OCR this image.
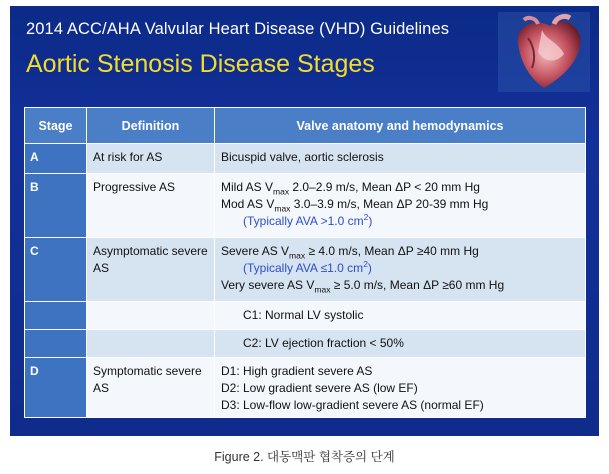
2014 ACC/AHA Valvular Heart Disease (VHD) Guidelines
Aortic Stenosis Disease Stages
Stage	Definition	Valve anatomy and hemodynamics
A	At risk for AS	Bicuspid valve, aortic sclerosis
B	Progressive AS	Mild AS $V_{max}$ 2.0–2.9 m/s, Mean ΔP < 20 mm Hg
Mod AS $V_{max}$ 3.0–3.9 m/s, Mean ΔP 20-39 mm Hg
(Typically AVA >1.0 $cm^2$)

C	Asymptomatic severe AS	Severe AS $V_{max} \ge 4.0$ m/s, Mean ΔP ≥40 mm Hg
(Typically AVA ≤1.0 $cm^2$)
Very severe AS $V_{max} \ge 5.0$ m/s, Mean ΔP ≥60 mm Hg

		C1: Normal LV systolic

		C2: LV ejection fraction < 50%

D	Symptomatic severe AS	D1: High gradient severe AS
D2: Low gradient severe AS (low EF)
D3: Low-flow low-gradient severe AS (normal EF)
Figure 2. 대동맥판 협착증의 단계
